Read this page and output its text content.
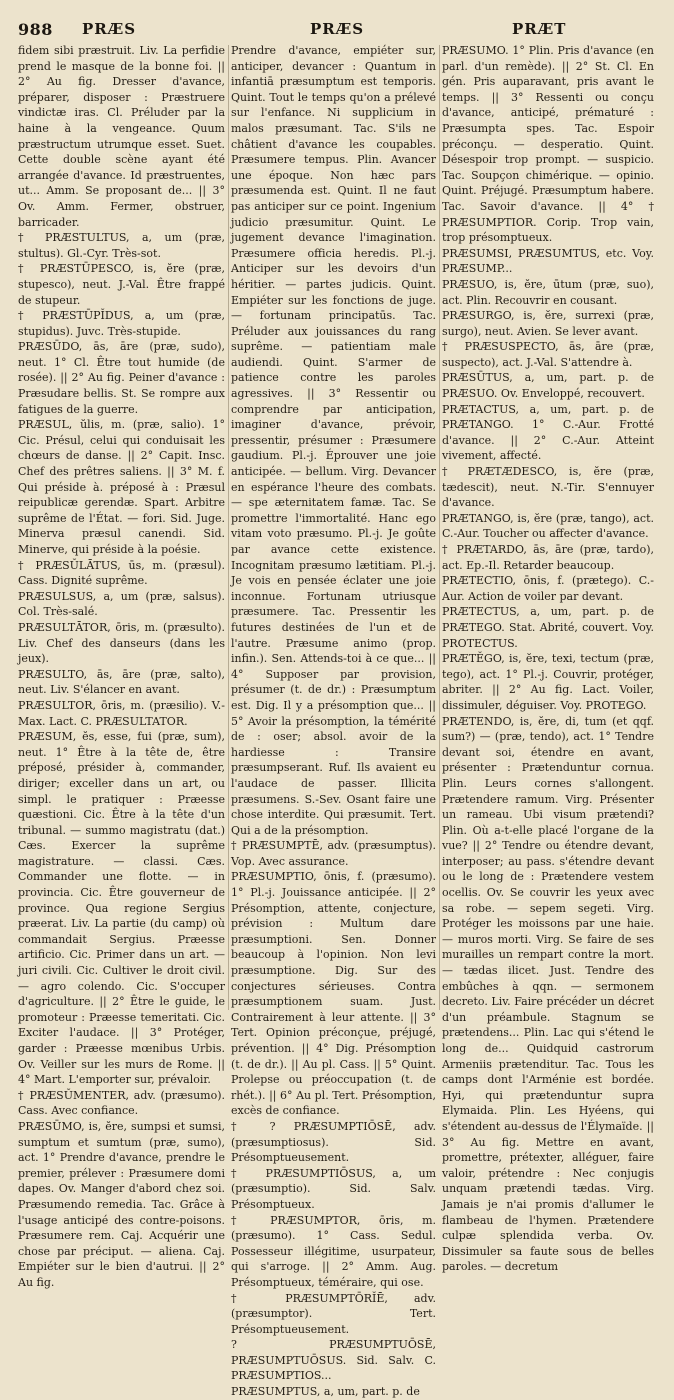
988 PRÆS	PRÆS	PRÆT

fidem sibi præstruit. Liv. La perfidie prend le masque de la bonne foi. || 2° Au fig. Dresser d'avance, préparer, disposer : Præstruere vindictæ iras. Cl. Préluder par la haine à la vengeance. Quum præstructum utrumque esset. Suet. Cette double scène ayant été arrangée d'avance. Id præstruentes, ut... Amm. Se proposant de... || 3° Ov. Amm. Fermer, obstruer, barricader.

† PRÆSTULTUS, a, um (præ, stultus). Gl.-Cyr. Très-sot.

† PRÆSTŪPESCO, is, ĕre (præ, stupesco), neut. J.-Val. Être frappé de stupeur.

† PRÆSTŪPĬDUS, a, um (præ, stupidus). Juvc. Très-stupide.

PRÆSŪDO, ās, āre (præ, sudo), neut. 1° Cl. Être tout humide (de rosée). || 2° Au fig. Peiner d'avance : Præsudare bellis. St. Se rompre aux fatigues de la guerre.

PRÆSUL, ŭlis, m. (præ, salio). 1° Cic. Présul, celui qui conduisait les chœurs de danse. || 2° Capit. Insc. Chef des prêtres saliens. || 3° M. f. Qui préside à. préposé à : Præsul reipublicæ gerendæ. Spart. Arbitre suprême de l'État. — fori. Sid. Juge. Minerva præsul canendi. Sid. Minerve, qui préside à la poésie.

† PRÆSŬLĀTUS, ūs, m. (præsul). Cass. Dignité suprême.

PRÆSULSUS, a, um (præ, salsus). Col. Très-salé.

PRÆSULTĀTOR, ōris, m. (præsulto). Liv. Chef des danseurs (dans les jeux).

PRÆSULTO, ās, āre (præ, salto), neut. Liv. S'élancer en avant.

PRÆSULTOR, ōris, m. (præsilio). V.-Max. Lact. C. PRÆSULTATOR.

PRÆSUM, ĕs, esse, fui (præ, sum), neut. 1° Être à la tête de, être préposé, présider à, commander, diriger; exceller dans un art, ou simpl. le pratiquer : Præesse quæstioni. Cic. Être à la tête d'un tribunal. — summo magistratu (dat.) Cæs. Exercer la suprême magistrature. — classi. Cæs. Commander une flotte. — in provincia. Cic. Être gouverneur de province. Qua regione Sergius præerat. Liv. La partie (du camp) où commandait Sergius. Præesse artificio. Cic. Primer dans un art. — juri civili. Cic. Cultiver le droit civil. — agro colendo. Cic. S'occuper d'agriculture. || 2° Être le guide, le promoteur : Præesse temeritati. Cic. Exciter l'audace. || 3° Protéger, garder : Præesse mœnibus Urbis. Ov. Veiller sur les murs de Rome. || 4° Mart. L'emporter sur, prévaloir.

† PRÆSŬMENTER, adv. (præsumo). Cass. Avec confiance.

PRÆSŪMO, is, ĕre, sumpsi et sumsi, sumptum et sumtum (præ, sumo), act. 1° Prendre d'avance, prendre le premier, prélever : Præsumere domi dapes. Ov. Manger d'abord chez soi. Præsumendo remedia. Tac. Grâce à l'usage anticipé des contre-poisons. Præsumere rem. Caj. Acquérir une chose par préciput. — aliena. Caj. Empiéter sur le bien d'autrui. || 2° Au fig.

Prendre d'avance, empiéter sur, anticiper, devancer : Quantum in infantiā præsumptum est temporis. Quint. Tout le temps qu'on a prélevé sur l'enfance. Ni supplicium in malos præsumant. Tac. S'ils ne châtient d'avance les coupables. Præsumere tempus. Plin. Avancer une époque. Non hæc pars præsumenda est. Quint. Il ne faut pas anticiper sur ce point. Ingenium judicio præsumitur. Quint. Le jugement devance l'imagination. Præsumere officia heredis. Pl.-j. Anticiper sur les devoirs d'un héritier. — partes judicis. Quint. Empiéter sur les fonctions de juge. — fortunam principatūs. Tac. Préluder aux jouissances du rang suprême. — patientiam male audiendi. Quint. S'armer de patience contre les paroles agressives. || 3° Ressentir ou comprendre par anticipation, imaginer d'avance, prévoir, pressentir, présumer : Præsumere gaudium. Pl.-j. Éprouver une joie anticipée. — bellum. Virg. Devancer en espérance l'heure des combats. — spe æternitatem famæ. Tac. Se promettre l'immortalité. Hanc ego vitam voto præsumo. Pl.-j. Je goûte par avance cette existence. Incognitam præsumo lætitiam. Pl.-j. Je vois en pensée éclater une joie inconnue. Fortunam utriusque præsumere. Tac. Pressentir les futures destinées de l'un et de l'autre. Præsume animo (prop. infin.). Sen. Attends-toi à ce que... || 4° Supposer par provision, présumer (t. de dr.) : Præsumptum est. Dig. Il y a présomption que... || 5° Avoir la présomption, la témérité de : oser; absol. avoir de la hardiesse : Transire præsumpserant. Ruf. Ils avaient eu l'audace de passer. Illicita præsumens. S.-Sev. Osant faire une chose interdite. Qui præsumit. Tert. Qui a de la présomption.

† PRÆSUMPTĒ, adv. (præsumptus). Vop. Avec assurance.

PRÆSUMPTIO, ōnis, f. (præsumo). 1° Pl.-j. Jouissance anticipée. || 2° Présomption, attente, conjecture, prévision : Multum dare præsumptioni. Sen. Donner beaucoup à l'opinion. Non levi præsumptione. Dig. Sur des conjectures sérieuses. Contra præsumptionem suam. Just. Contrairement à leur attente. || 3° Tert. Opinion préconçue, préjugé, prévention. || 4° Dig. Présomption (t. de dr.). || Au pl. Cass. || 5° Quint. Prolepse ou préoccupation (t. de rhét.). || 6° Au pl. Tert. Présomption, excès de confiance.

† ? PRÆSUMPTIŌSĒ, adv. (præsumptiosus). Sid. Présomptueusement.

† PRÆSUMPTIŌSUS, a, um (præsumptio). Sid. Salv. Présomptueux.

† PRÆSUMPTOR, ōris, m. (præsumo). 1° Cass. Sedul. Possesseur illégitime, usurpateur, qui s'arroge. || 2° Amm. Aug. Présomptueux, téméraire, qui ose.

† PRÆSUMPTŌRĬĒ, adv. (præsumptor). Tert. Présomptueusement.

? PRÆSUMPTUŌSĒ, PRÆSUMPTUŌSUS. Sid. Salv. C. PRÆSUMPTIOS...

PRÆSUMPTUS, a, um, part. p. de

PRÆSUMO. 1° Plin. Pris d'avance (en parl. d'un remède). || 2° St. Cl. En gén. Pris auparavant, pris avant le temps. || 3° Ressenti ou conçu d'avance, anticipé, prématuré : Præsumpta spes. Tac. Espoir préconçu. — desperatio. Quint. Désespoir trop prompt. — suspicio. Tac. Soupçon chimérique. — opinio. Quint. Préjugé. Præsumptum habere. Tac. Savoir d'avance. || 4° † PRÆSUMPTIOR. Corip. Trop vain, trop présomptueux.

PRÆSUMSI, PRÆSUMTUS, etc. Voy. PRÆSUMP...

PRÆSUO, is, ĕre, ūtum (præ, suo), act. Plin. Recouvrir en cousant.

PRÆSURGO, is, ĕre, surrexi (præ, surgo), neut. Avien. Se lever avant.

† PRÆSUSPECTO, ās, āre (præ, suspecto), act. J.-Val. S'attendre à.

PRÆSŪTUS, a, um, part. p. de PRÆSUO. Ov. Enveloppé, recouvert.

PRÆTACTUS, a, um, part. p. de PRÆTANGO. 1° C.-Aur. Frotté d'avance. || 2° C.-Aur. Atteint vivement, affecté.

† PRÆTÆDESCO, is, ĕre (præ, tædescit), neut. N.-Tir. S'ennuyer d'avance.

PRÆTANGO, is, ĕre (præ, tango), act. C.-Aur. Toucher ou affecter d'avance.

† PRÆTARDO, ās, āre (præ, tardo), act. Ep.-Il. Retarder beaucoup.

PRÆTECTIO, ōnis, f. (prætego). C.-Aur. Action de voiler par devant.

PRÆTECTUS, a, um, part. p. de PRÆTEGO. Stat. Abrité, couvert. Voy. PROTECTUS.

PRÆTĔGO, is, ĕre, texi, tectum (præ, tego), act. 1° Pl.-j. Couvrir, protéger, abriter. || 2° Au fig. Lact. Voiler, dissimuler, déguiser. Voy. PROTEGO.

PRÆTENDO, is, ĕre, di, tum (et qqf. sum?) — (præ, tendo), act. 1° Tendre devant soi, étendre en avant, présenter : Prætenduntur cornua. Plin. Leurs cornes s'allongent. Prætendere ramum. Virg. Présenter un rameau. Ubi visum prætendi? Plin. Où a-t-elle placé l'organe de la vue? || 2° Tendre ou étendre devant, interposer; au pass. s'étendre devant ou le long de : Prætendere vestem ocellis. Ov. Se couvrir les yeux avec sa robe. — sepem segeti. Virg. Protéger les moissons par une haie. — muros morti. Virg. Se faire de ses murailles un rempart contre la mort. — tædas ilicet. Just. Tendre des embûches à qqn. — sermonem decreto. Liv. Faire précéder un décret d'un préambule. Stagnum se prætendens... Plin. Lac qui s'étend le long de... Quidquid castrorum Armeniis prætenditur. Tac. Tous les camps dont l'Arménie est bordée. Hyi, qui prætenduntur supra Elymaida. Plin. Les Hyéens, qui s'étendent au-dessus de l'Élymaïde. || 3° Au fig. Mettre en avant, promettre, prétexter, alléguer, faire valoir, prétendre : Nec conjugis unquam prætendi tædas. Virg. Jamais je n'ai promis d'allumer le flambeau de l'hymen. Prætendere culpæ splendida verba. Ov. Dissimuler sa faute sous de belles paroles. — decretum
